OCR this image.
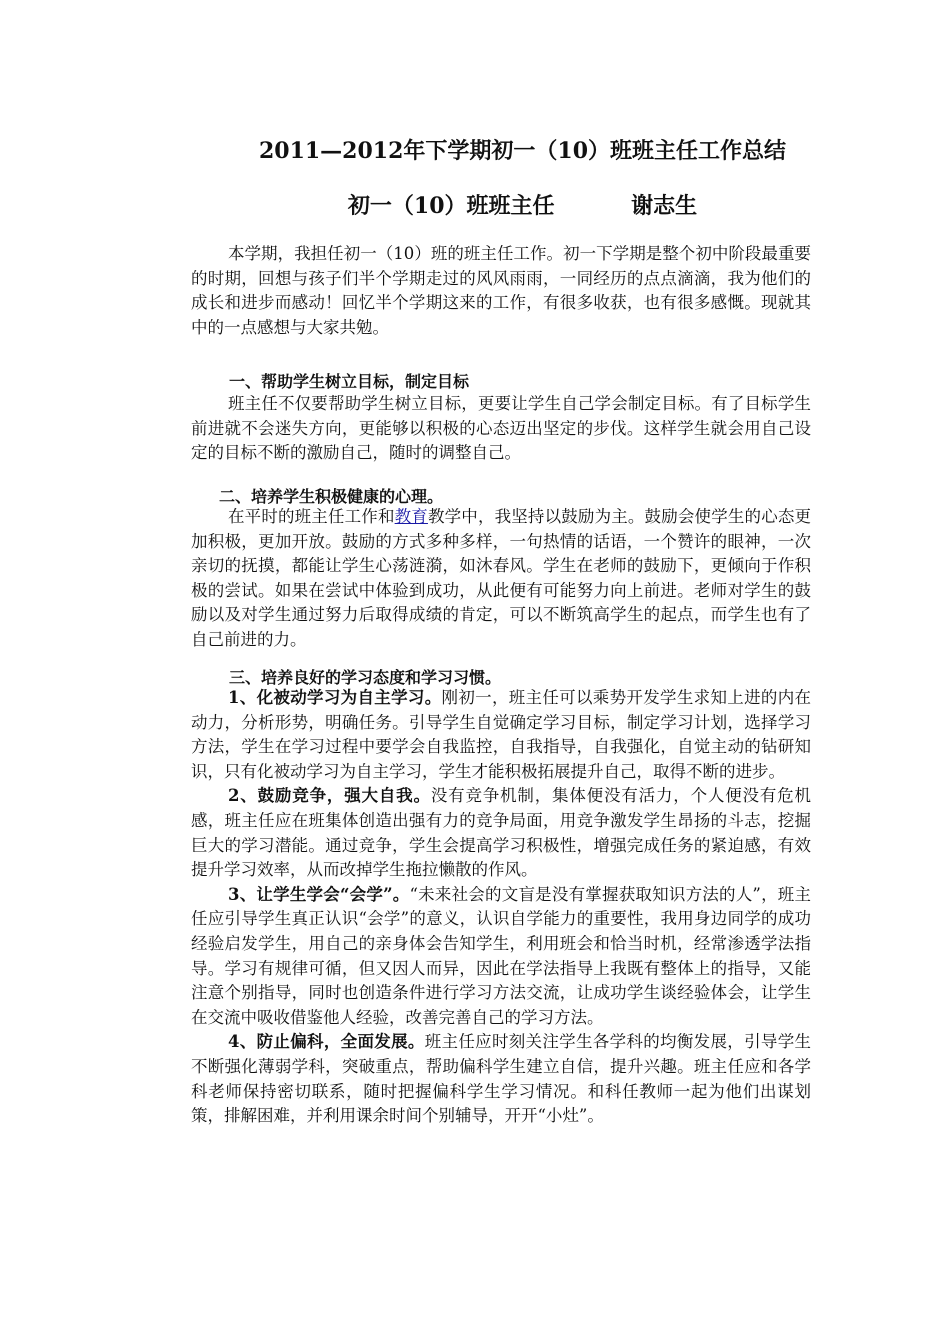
2011—2012年下学期初一（10）班班主任工作总结
初一（10）班班主任          谢志生

本学期，我担任初一（10）班的班主任工作。初一下学期是整个初中阶段最重要的时期，回想与孩子们半个学期走过的风风雨雨，一同经历的点点滴滴，我为他们的成长和进步而感动！回忆半个学期这来的工作，有很多收获，也有很多感慨。现就其中的一点感想与大家共勉。

一、帮助学生树立目标，制定目标

班主任不仅要帮助学生树立目标，更要让学生自己学会制定目标。有了目标学生前进就不会迷失方向，更能够以积极的心态迈出坚定的步伐。这样学生就会用自己设定的目标不断的激励自己，随时的调整自己。

二、培养学生积极健康的心理。

在平时的班主任工作和教育教学中，我坚持以鼓励为主。鼓励会使学生的心态更加积极，更加开放。鼓励的方式多种多样，一句热情的话语，一个赞许的眼神，一次亲切的抚摸，都能让学生心荡涟漪，如沐春风。学生在老师的鼓励下，更倾向于作积极的尝试。如果在尝试中体验到成功，从此便有可能努力向上前进。老师对学生的鼓励以及对学生通过努力后取得成绩的肯定，可以不断筑高学生的起点，而学生也有了自己前进的力。

三、培养良好的学习态度和学习习惯。

1、化被动学习为自主学习。刚初一，班主任可以乘势开发学生求知上进的内在动力，分析形势，明确任务。引导学生自觉确定学习目标，制定学习计划，选择学习方法，学生在学习过程中要学会自我监控，自我指导，自我强化，自觉主动的钻研知识，只有化被动学习为自主学习，学生才能积极拓展提升自己，取得不断的进步。

2、鼓励竞争，强大自我。没有竞争机制，集体便没有活力，个人便没有危机感，班主任应在班集体创造出强有力的竞争局面，用竞争激发学生昂扬的斗志，挖掘巨大的学习潜能。通过竞争，学生会提高学习积极性，增强完成任务的紧迫感，有效提升学习效率，从而改掉学生拖拉懒散的作风。

3、让学生学会“会学”。“未来社会的文盲是没有掌握获取知识方法的人”，班主任应引导学生真正认识“会学”的意义，认识自学能力的重要性，我用身边同学的成功经验启发学生，用自己的亲身体会告知学生，利用班会和恰当时机，经常渗透学法指导。学习有规律可循，但又因人而异，因此在学法指导上我既有整体上的指导，又能注意个别指导，同时也创造条件进行学习方法交流，让成功学生谈经验体会，让学生在交流中吸收借鉴他人经验，改善完善自己的学习方法。

4、防止偏科，全面发展。班主任应时刻关注学生各学科的均衡发展，引导学生不断强化薄弱学科，突破重点，帮助偏科学生建立自信，提升兴趣。班主任应和各学科老师保持密切联系，随时把握偏科学生学习情况。和科任教师一起为他们出谋划策，排解困难，并利用课余时间个别辅导，开开“小灶”。
